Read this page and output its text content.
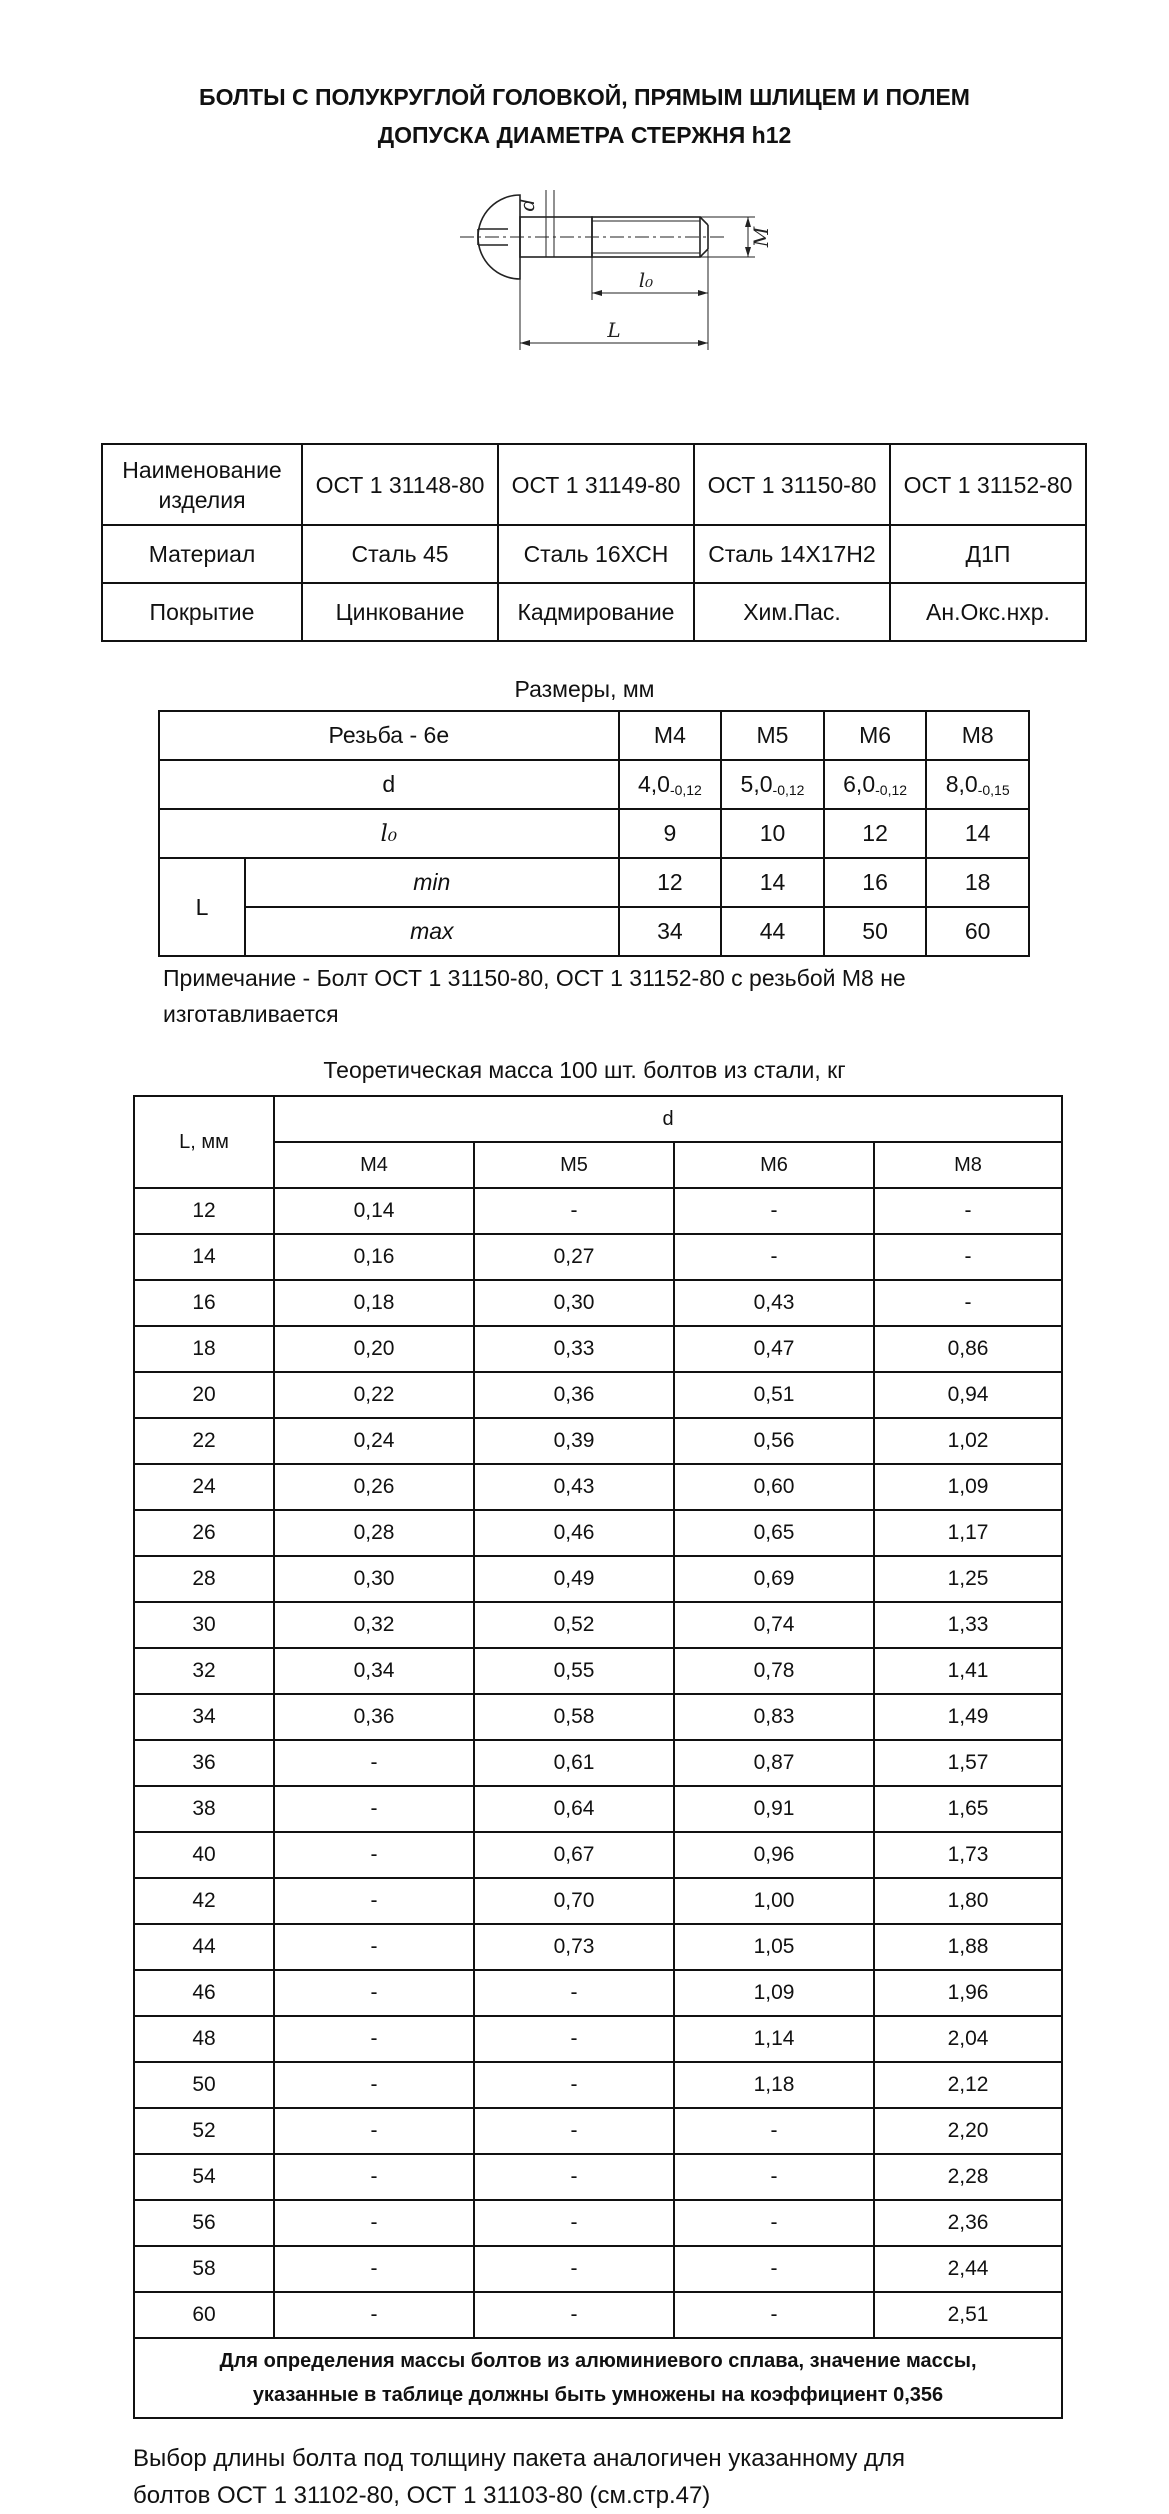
БОЛТЫ С ПОЛУКРУГЛОЙ ГОЛОВКОЙ, ПРЯМЫМ ШЛИЦЕМ И ПОЛЕМ
ДОПУСКА ДИАМЕТРА СТЕРЖНЯ h12
d
M
l₀
L
Наименование изделия	ОСТ 1 31148-80	ОСТ 1 31149-80	ОСТ 1 31150-80	ОСТ 1 31152-80
Материал	Сталь 45	Сталь 16ХСН	Сталь 14Х17Н2	Д1П
Покрытие	Цинкование	Кадмирование	Хим.Пас.	Ан.Окс.нхр.
Размеры, мм
Резьба - 6е		М4	М5	М6	М8
d		$4,0_{-0,12}$	$5,0_{-0,12}$	$6,0_{-0,12}$	$8,0_{-0,15}$
l₀		9	10	12	14
L	min	12	14	16	18
	max	34	44	50	60
Примечание - Болт ОСТ 1 31150-80, ОСТ 1 31152-80 с резьбой М8 не
изготавливается
Теоретическая масса 100 шт. болтов из стали, кг
L, мм	d			
	М4	М5	М6	М8
12	0,14	-	-	-
14	0,16	0,27	-	-
16	0,18	0,30	0,43	-
18	0,20	0,33	0,47	0,86
20	0,22	0,36	0,51	0,94
22	0,24	0,39	0,56	1,02
24	0,26	0,43	0,60	1,09
26	0,28	0,46	0,65	1,17
28	0,30	0,49	0,69	1,25
30	0,32	0,52	0,74	1,33
32	0,34	0,55	0,78	1,41
34	0,36	0,58	0,83	1,49
36	-	0,61	0,87	1,57
38	-	0,64	0,91	1,65
40	-	0,67	0,96	1,73
42	-	0,70	1,00	1,80
44	-	0,73	1,05	1,88
46	-	-	1,09	1,96
48	-	-	1,14	2,04
50	-	-	1,18	2,12
52	-	-	-	2,20
54	-	-	-	2,28
56	-	-	-	2,36
58	-	-	-	2,44
60	-	-	-	2,51

Для определения массы болтов из алюминиевого сплава, значение массы,
указанные в таблице должны быть умножены на коэффициент 0,356				
Выбор длины болта под толщину пакета аналогичен указанному для
болтов ОСТ 1 31102-80, ОСТ 1 31103-80 (см.стр.47)
